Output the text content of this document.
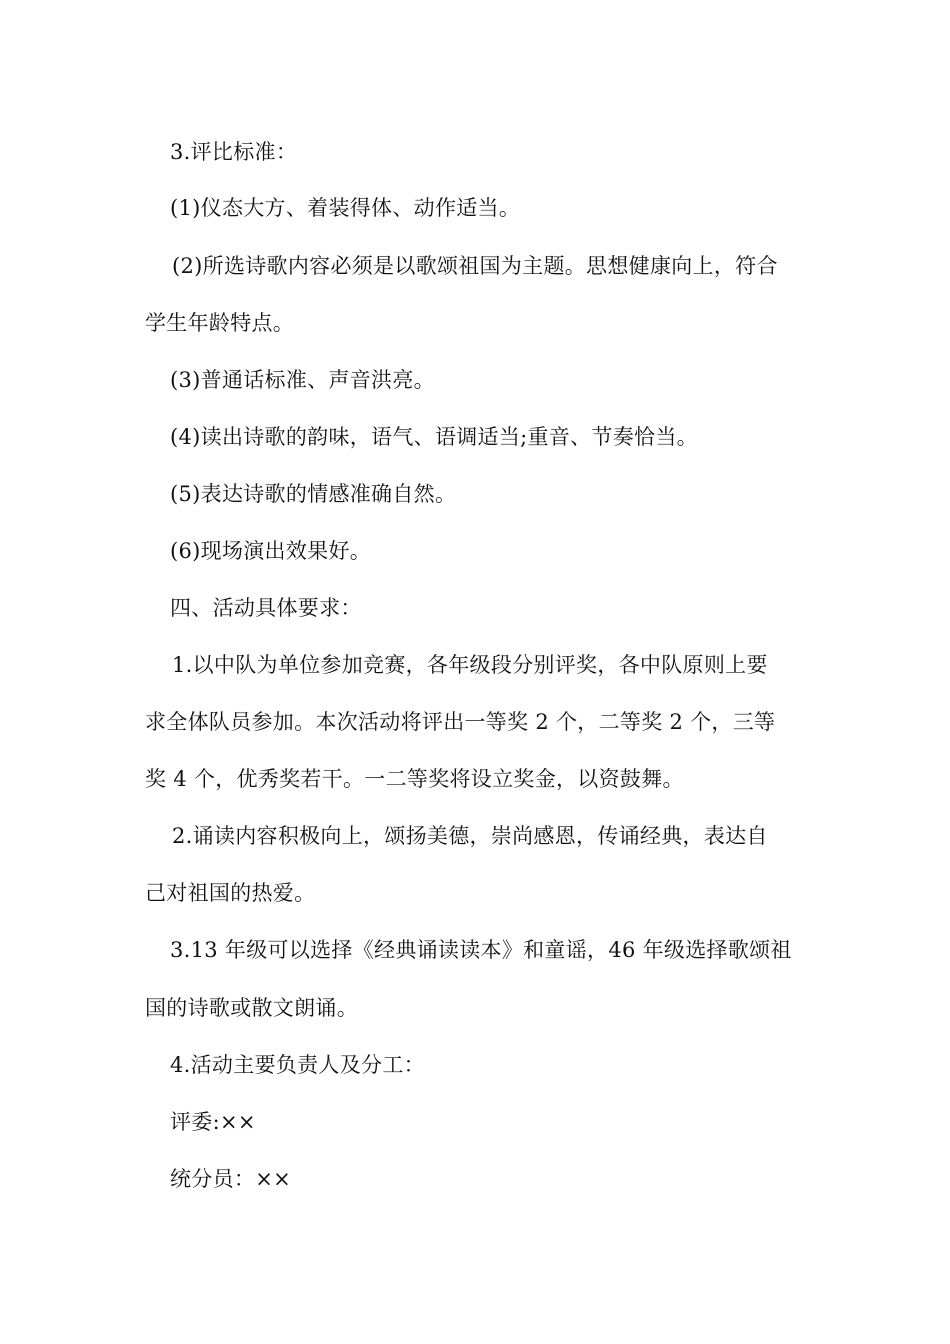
3.评比标准：
(1)仪态大方、着装得体、动作适当。
(2)所选诗歌内容必须是以歌颂祖国为主题。思想健康向上，符合
学生年龄特点。
(3)普通话标准、声音洪亮。
(4)读出诗歌的韵味，语气、语调适当;重音、节奏恰当。
(5)表达诗歌的情感准确自然。
(6)现场演出效果好。
四、活动具体要求：
1.以中队为单位参加竞赛，各年级段分别评奖，各中队原则上要
求全体队员参加。本次活动将评出一等奖 2 个，二等奖 2 个，三等
奖 4 个，优秀奖若干。一二等奖将设立奖金，以资鼓舞。
2.诵读内容积极向上，颂扬美德，崇尚感恩，传诵经典，表达自
己对祖国的热爱。
3.13 年级可以选择《经典诵读读本》和童谣，46 年级选择歌颂祖
国的诗歌或散文朗诵。
4.活动主要负责人及分工：
评委:××
统分员：××
